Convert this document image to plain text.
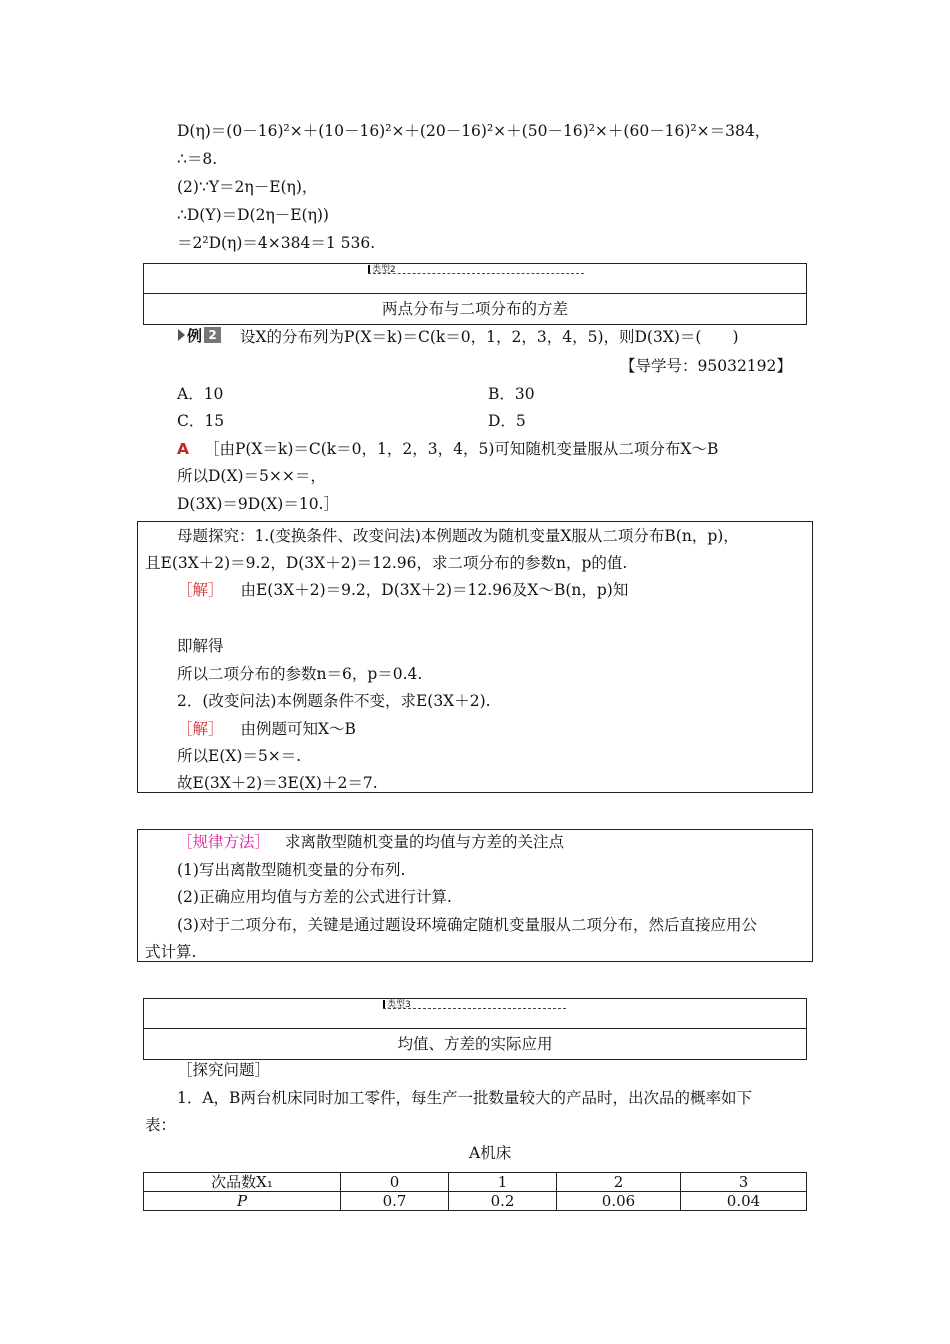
D(η)＝(0－16)²×＋(10－16)²×＋(20－16)²×＋(50－16)²×＋(60－16)²×＝384，
∴＝8.
(2)∵Y＝2η－E(η)，
∴D(Y)＝D(2η－E(η))
＝2²D(η)＝4×384＝1 536.
类型2
两点分布与二项分布的方差
例 2 设X的分布列为P(X＝k)＝C(k＝0，1，2，3，4，5)，则D(3X)＝(　　)
【导学号：95032192】
A．10	B．30
C．15	D．5
A ［由P(X＝k)＝C(k＝0，1，2，3，4，5)可知随机变量服从二项分布X～B
所以D(X)＝5××＝，
D(3X)＝9D(X)＝10.］
母题探究：1.(变换条件、改变问法)本例题改为随机变量X服从二项分布B(n，p)，
且E(3X＋2)＝9.2，D(3X＋2)＝12.96，求二项分布的参数n，p的值.
［解］ 由E(3X＋2)＝9.2，D(3X＋2)＝12.96及X～B(n，p)知
即解得
所以二项分布的参数n＝6，p＝0.4.
2．(改变问法)本例题条件不变，求E(3X＋2).
［解］ 由例题可知X～B
所以E(X)＝5×＝.
故E(3X＋2)＝3E(X)＋2＝7.
［规律方法］ 求离散型随机变量的均值与方差的关注点
(1)写出离散型随机变量的分布列.
(2)正确应用均值与方差的公式进行计算.
(3)对于二项分布，关键是通过题设环境确定随机变量服从二项分布，然后直接应用公
式计算.
类型3
均值、方差的实际应用
［探究问题］
1．A，B两台机床同时加工零件，每生产一批数量较大的产品时，出次品的概率如下
表：
A机床
次品数X₁	0	1	2	3
P	0.7	0.2	0.06	0.04
